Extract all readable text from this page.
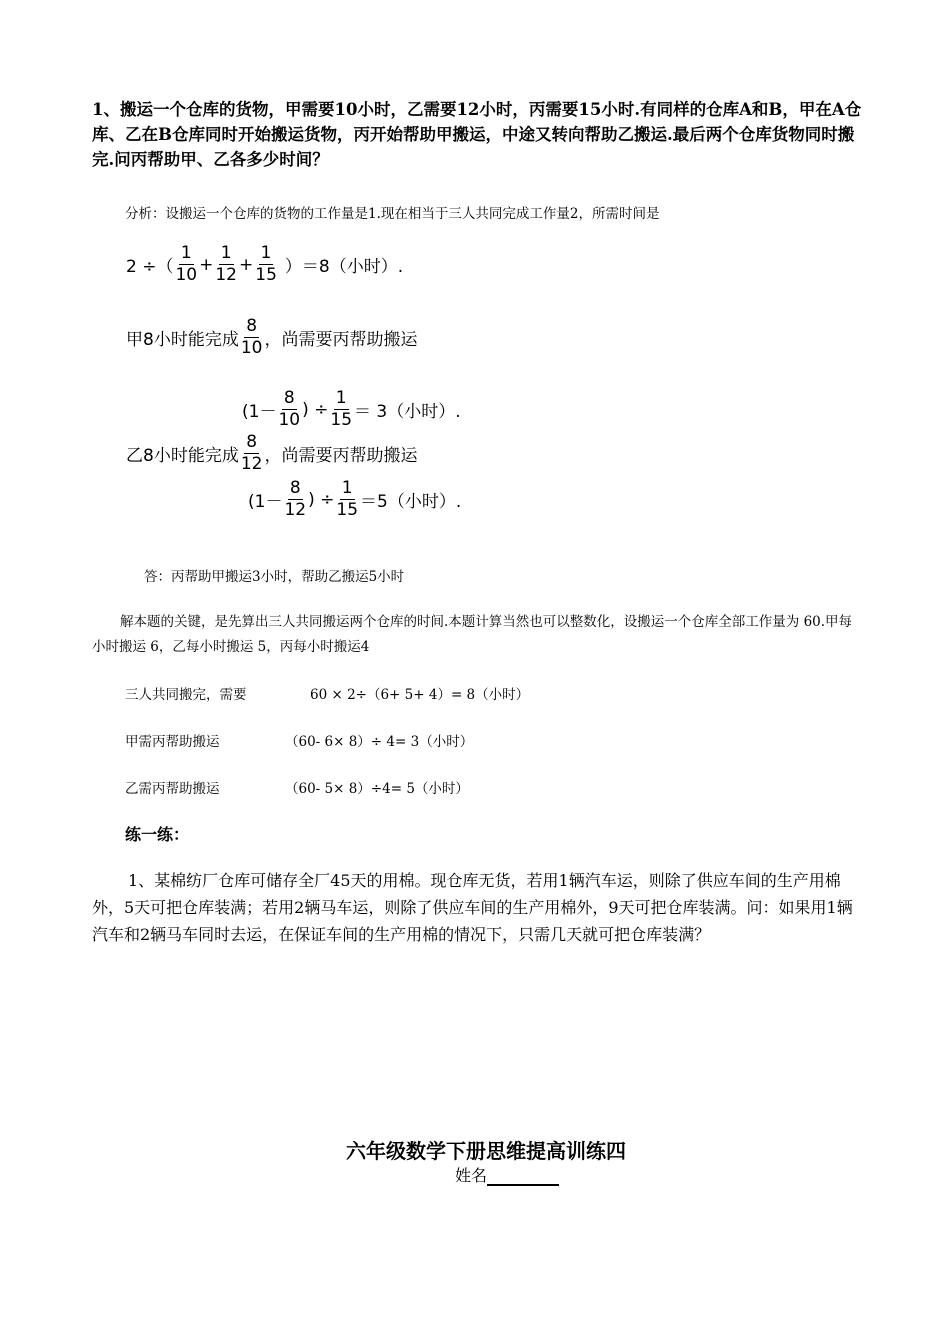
1、搬运一个仓库的货物，甲需要10小时，乙需要12小时，丙需要15小时.有同样的仓库A和B，甲在A仓库、乙在B仓库同时开始搬运货物，丙开始帮助甲搬运，中途又转向帮助乙搬运.最后两个仓库货物同时搬完.问丙帮助甲、乙各多少时间？
分析：设搬运一个仓库的货物的工作量是1.现在相当于三人共同完成工作量2，所需时间是
2 ÷（ $\frac{1}{10} + \frac{1}{12} + \frac{1}{15} )=8$（小时）.
甲8小时能完成 $\frac{8}{10}$ ，尚需要丙帮助搬运
($1- \frac{8}{10}$ ) ÷ $\frac{1}{15} = 3$（小时）.
乙8小时能完成 $\frac{8}{12}$ ，尚需要丙帮助搬运
($1- \frac{8}{12}$ ) ÷ $\frac{1}{15} =5$（小时）.
答：丙帮助甲搬运3小时，帮助乙搬运5小时
解本题的关键，是先算出三人共同搬运两个仓库的时间.本题计算当然也可以整数化，设搬运一个仓库全部工作量为 60.甲每小时搬运 6，乙每小时搬运 5，丙每小时搬运4
三人共同搬完，需要	60 × 2÷（6+ 5+ 4）= 8（小时）
甲需丙帮助搬运	（60- 6× 8）÷ 4= 3（小时）
乙需丙帮助搬运	（60- 5× 8）÷4= 5（小时）
练一练：
1、某棉纺厂仓库可储存全厂45天的用棉。现仓库无货，若用1辆汽车运，则除了供应车间的生产用棉外，5天可把仓库装满；若用2辆马车运，则除了供应车间的生产用棉外，9天可把仓库装满。问：如果用1辆汽车和2辆马车同时去运，在保证车间的生产用棉的情况下，只需几天就可把仓库装满？
六年级数学下册思维提高训练四
姓名
